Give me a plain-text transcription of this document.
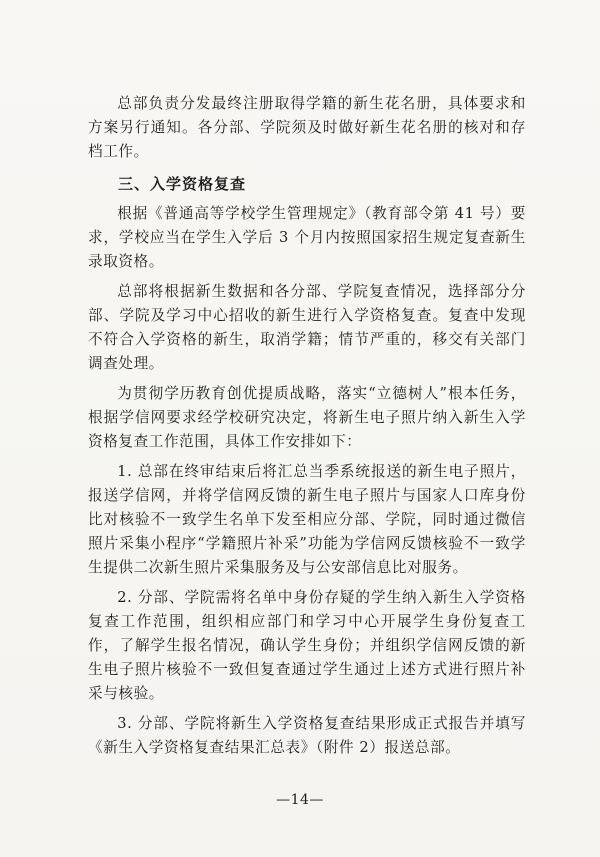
总部负责分发最终注册取得学籍的新生花名册，具体要求和方案另行通知。各分部、学院须及时做好新生花名册的核对和存档工作。

三、入学资格复查

根据《普通高等学校学生管理规定》（教育部令第 41 号）要求，学校应当在学生入学后 3 个月内按照国家招生规定复查新生录取资格。

总部将根据新生数据和各分部、学院复查情况，选择部分分部、学院及学习中心招收的新生进行入学资格复查。复查中发现不符合入学资格的新生，取消学籍；情节严重的，移交有关部门调查处理。

为贯彻学历教育创优提质战略，落实“立德树人”根本任务，根据学信网要求经学校研究决定，将新生电子照片纳入新生入学资格复查工作范围，具体工作安排如下：

1. 总部在终审结束后将汇总当季系统报送的新生电子照片，报送学信网，并将学信网反馈的新生电子照片与国家人口库身份比对核验不一致学生名单下发至相应分部、学院，同时通过微信照片采集小程序“学籍照片补采”功能为学信网反馈核验不一致学生提供二次新生照片采集服务及与公安部信息比对服务。

2. 分部、学院需将名单中身份存疑的学生纳入新生入学资格复查工作范围，组织相应部门和学习中心开展学生身份复查工作，了解学生报名情况，确认学生身份；并组织学信网反馈的新生电子照片核验不一致但复查通过学生通过上述方式进行照片补采与核验。

3. 分部、学院将新生入学资格复查结果形成正式报告并填写《新生入学资格复查结果汇总表》（附件 2）报送总部。

—14—
